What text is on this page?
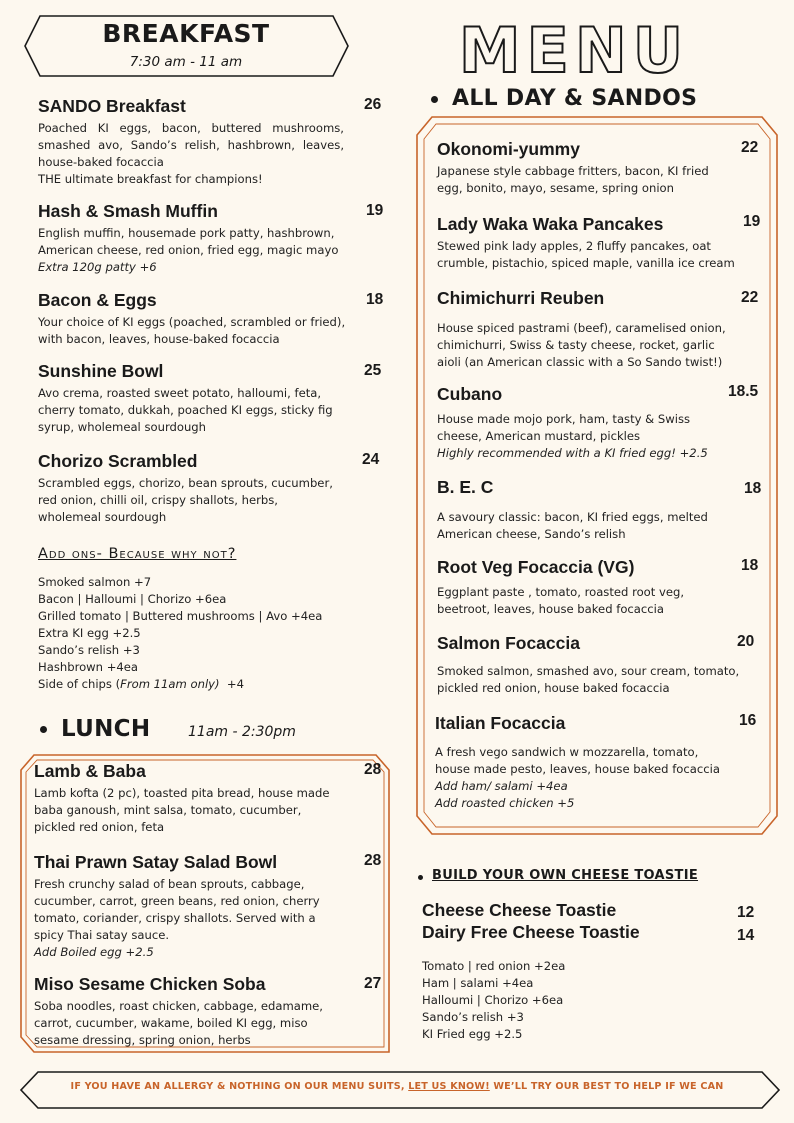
BREAKFAST
7:30 am - 11 am	MENU
ALL DAY & SANDOS
SANDO Breakfast

Poached KI eggs, bacon, buttered mushrooms, smashed avo, Sando’s relish, hashbrown, leaves, house-baked focaccia

THE ultimate breakfast for champions!

26
Hash & Smash Muffin

English muffin, housemade pork patty, hashbrown, American cheese, red onion, fried egg, magic mayo

Extra 120g patty +6

19
Bacon & Eggs

Your choice of KI eggs (poached, scrambled or fried), with bacon, leaves, house-baked focaccia

18
Sunshine Bowl

Avo crema, roasted sweet potato, halloumi, feta, cherry tomato, dukkah, poached KI eggs, sticky fig syrup, wholemeal sourdough

25
Chorizo Scrambled

Scrambled eggs, chorizo, bean sprouts, cucumber, red onion, chilli oil, crispy shallots, herbs, wholemeal sourdough

24
Add ons- Because why not?

Smoked salmon +7

Bacon | Halloumi | Chorizo +6ea

Grilled tomato | Buttered mushrooms | Avo +4ea

Extra KI egg +2.5

Sando’s relish +3

Hashbrown +4ea

Side of chips (From 11am only)  +4

LUNCH	11am - 2:30pm
Lamb & Baba

Lamb kofta (2 pc), toasted pita bread, house made baba ganoush, mint salsa, tomato, cucumber, pickled red onion, feta

28
Thai Prawn Satay Salad Bowl

Fresh crunchy salad of bean sprouts, cabbage, cucumber, carrot, green beans, red onion, cherry tomato, coriander, crispy shallots. Served with a spicy Thai satay sauce.

Add Boiled egg +2.5

28
Miso Sesame Chicken Soba

Soba noodles, roast chicken, cabbage, edamame, carrot, cucumber, wakame, boiled KI egg, miso sesame dressing, spring onion, herbs

27
Okonomi-yummy

Japanese style cabbage fritters, bacon, KI fried egg, bonito, mayo, sesame, spring onion

22
Lady Waka Waka Pancakes

Stewed pink lady apples, 2 fluffy pancakes, oat crumble, pistachio, spiced maple, vanilla ice cream

19
Chimichurri Reuben

House spiced pastrami (beef), caramelised onion, chimichurri, Swiss & tasty cheese, rocket, garlic aioli (an American classic with a So Sando twist!)

22
Cubano

House made mojo pork, ham, tasty & Swiss cheese, American mustard, pickles

Highly recommended with a KI fried egg! +2.5

18.5
B. E. C

A savoury classic: bacon, KI fried eggs, melted American cheese, Sando’s relish

18
Root Veg Focaccia (VG)

Eggplant paste , tomato, roasted root veg, beetroot, leaves, house baked focaccia

18
Salmon Focaccia

Smoked salmon, smashed avo, sour cream, tomato, pickled red onion, house baked focaccia

20
Italian Focaccia

A fresh vego sandwich w mozzarella, tomato, house made pesto, leaves, house baked focaccia

Add ham/ salami +4ea

Add roasted chicken +5

16
BUILD YOUR OWN CHEESE TOASTIE
Cheese Cheese Toastie	12
Dairy Free Cheese Toastie	14

Tomato | red onion +2ea

Ham | salami +4ea

Halloumi | Chorizo +6ea

Sando’s relish +3

KI Fried egg +2.5

IF YOU HAVE AN ALLERGY & NOTHING ON OUR MENU SUITS, LET US KNOW! WE’LL TRY OUR BEST TO HELP IF WE CAN
